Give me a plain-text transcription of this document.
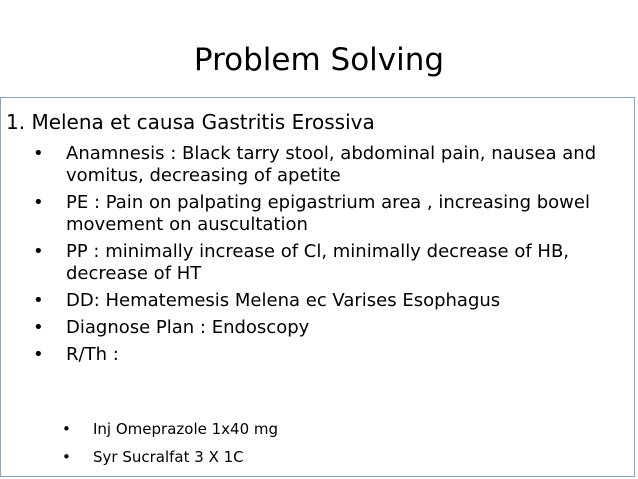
Problem Solving
1. Melena et causa Gastritis Erossiva
• Anamnesis : Black tarry stool, abdominal pain, nausea and vomitus, decreasing of apetite
• PE : Pain on palpating epigastrium area , increasing bowel movement on auscultation
• PP : minimally increase of Cl, minimally decrease of HB, decrease of HT
• DD: Hematemesis Melena ec Varises Esophagus
• Diagnose Plan : Endoscopy
• R/Th :
• Inj Omeprazole 1x40 mg
• Syr Sucralfat 3 X 1C
